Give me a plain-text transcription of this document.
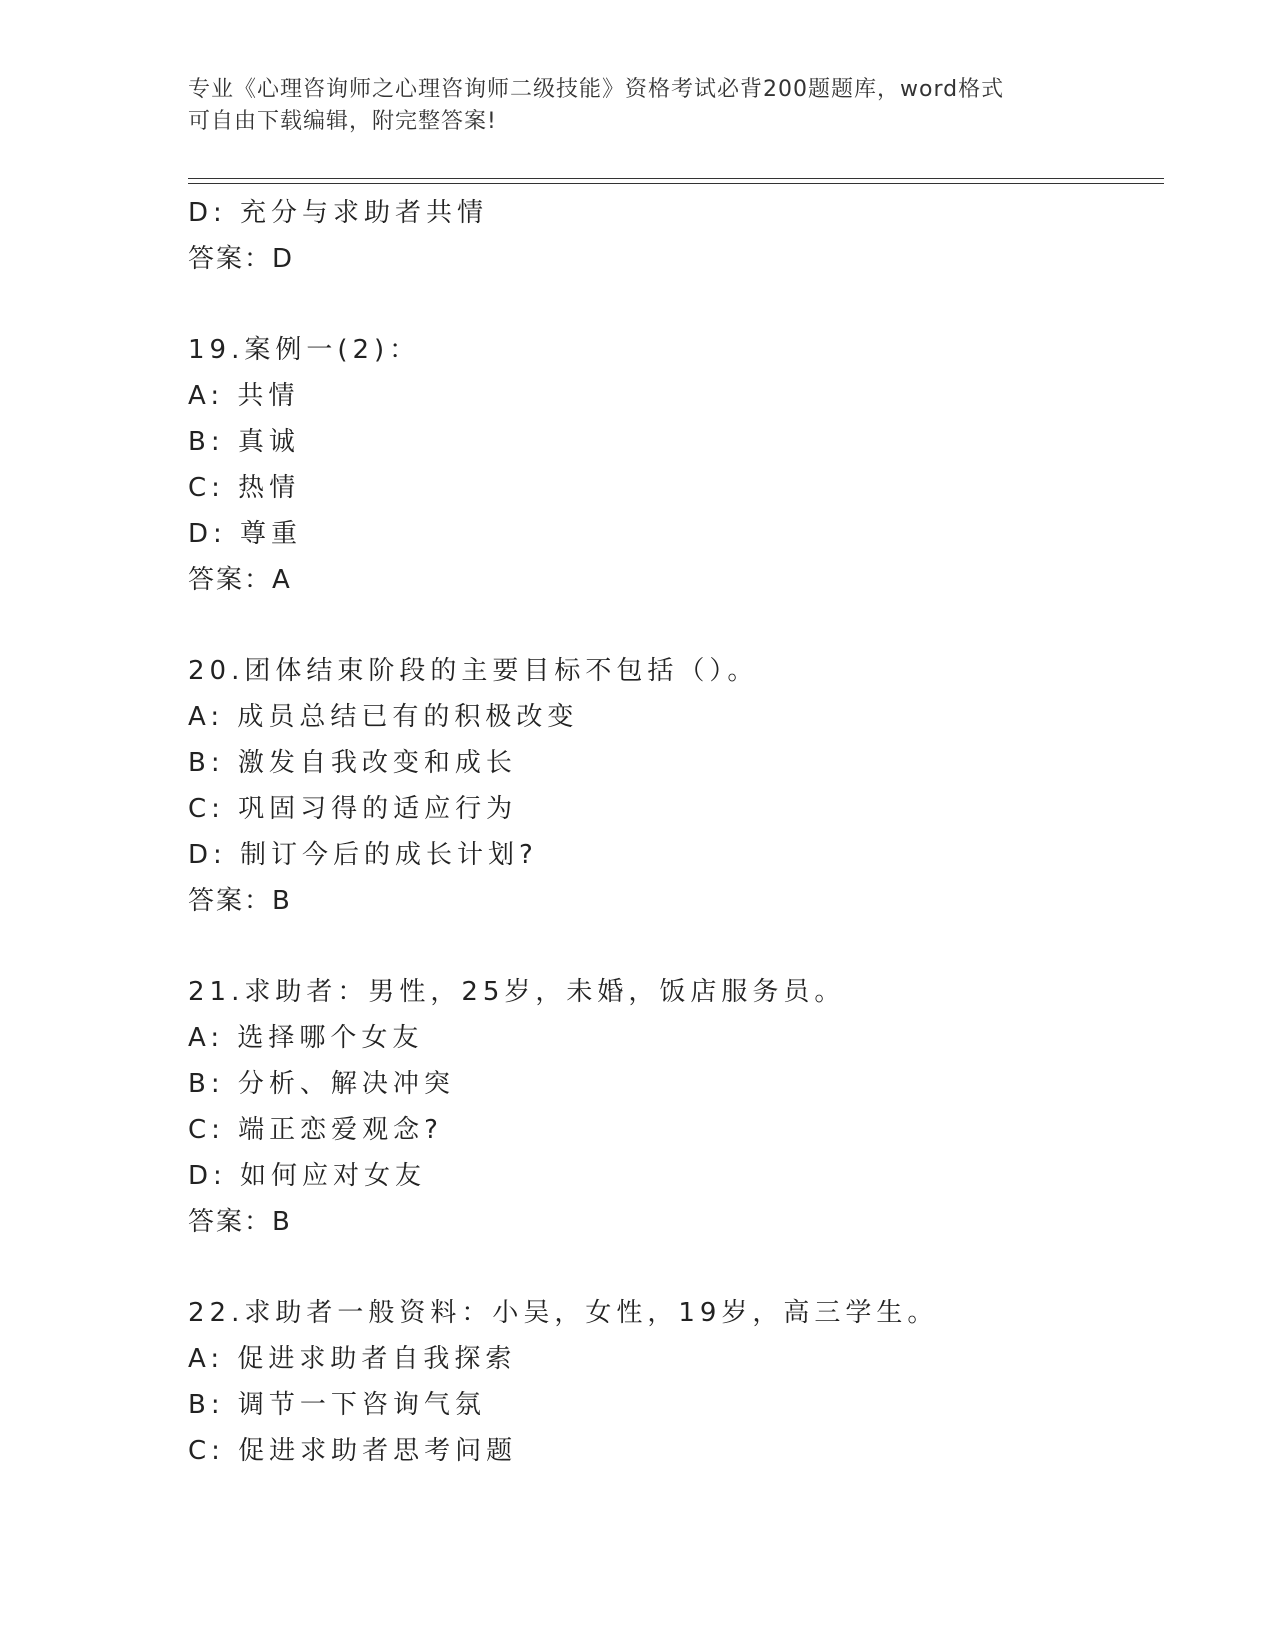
专业《心理咨询师之心理咨询师二级技能》资格考试必背200题题库，word格式
可自由下载编辑，附完整答案!
D: 充分与求助者共情
答案：D
19.案例一(2)：
A: 共情
B: 真诚
C: 热情
D: 尊重
答案：A
20.团体结束阶段的主要目标不包括（）。
A: 成员总结已有的积极改变
B: 激发自我改变和成长
C: 巩固习得的适应行为
D: 制订今后的成长计划?
答案：B
21.求助者：男性，25岁，未婚，饭店服务员。
A: 选择哪个女友
B: 分析、解决冲突
C: 端正恋爱观念?
D: 如何应对女友
答案：B
22.求助者一般资料：小吴，女性，19岁，高三学生。
A: 促进求助者自我探索
B: 调节一下咨询气氛
C: 促进求助者思考问题
